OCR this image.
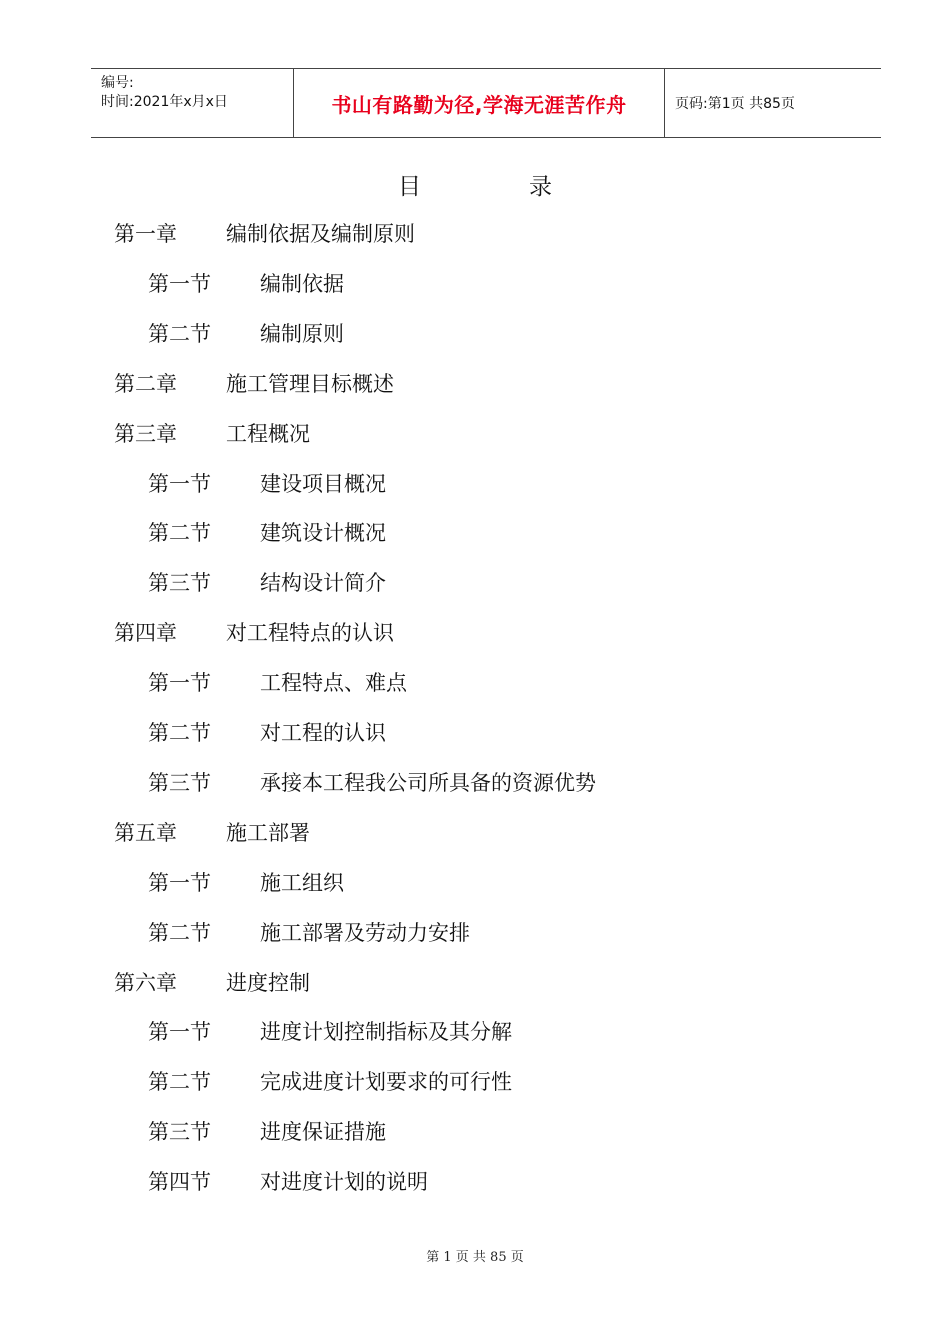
编号:
时间:2021年x月x日	书山有路勤为径,学海无涯苦作舟	页码:第1页 共85页
目	录
第一章 编制依据及编制原则
第一节 编制依据
第二节 编制原则
第二章 施工管理目标概述
第三章 工程概况
第一节 建设项目概况
第二节 建筑设计概况
第三节 结构设计简介
第四章 对工程特点的认识
第一节 工程特点、难点
第二节 对工程的认识
第三节 承接本工程我公司所具备的资源优势
第五章 施工部署
第一节 施工组织
第二节 施工部署及劳动力安排
第六章 进度控制
第一节 进度计划控制指标及其分解
第二节 完成进度计划要求的可行性
第三节 进度保证措施
第四节 对进度计划的说明
第 1 页 共 85 页
